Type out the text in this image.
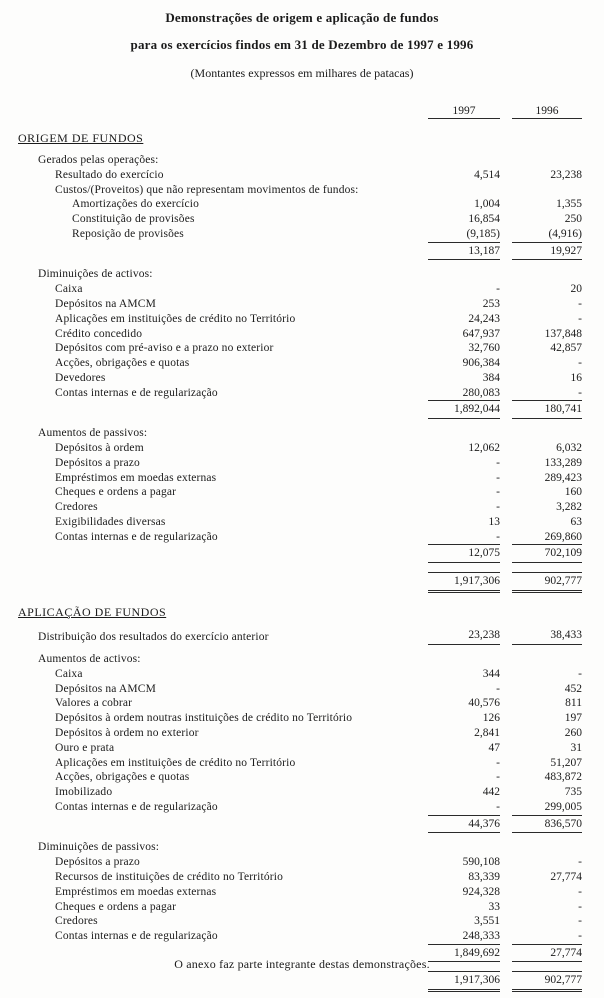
Demonstrações de origem e aplicação de fundos
para os exercícios findos em 31 de Dezembro de 1997 e 1996
(Montantes expressos em milhares de patacas)
1997	1996
ORIGEM DE FUNDOS
Gerados pelas operações:
Resultado do exercício	4,514	23,238
Custos/(Proveitos) que não representam movimentos de fundos:
Amortizações do exercício	1,004	1,355
Constituição de provisões	16,854	250
Reposição de provisões	(9,185)	(4,916)
13,187	19,927
Diminuições de activos:
Caixa	-	20
Depósitos na AMCM	253	-
Aplicações em instituições de crédito no Território	24,243	-
Crédito concedido	647,937	137,848
Depósitos com pré-aviso e a prazo no exterior	32,760	42,857
Acções, obrigações e quotas	906,384	-
Devedores	384	16
Contas internas e de regularização	280,083	-
1,892,044	180,741
Aumentos de passivos:
Depósitos à ordem	12,062	6,032
Depósitos a prazo	-	133,289
Empréstimos em moedas externas	-	289,423
Cheques e ordens a pagar	-	160
Credores	-	3,282
Exigibilidades diversas	13	63
Contas internas e de regularização	-	269,860
12,075	702,109
1,917,306	902,777
APLICAÇÃO DE FUNDOS
Distribuição dos resultados do exercício anterior	23,238	38,433
Aumentos de activos:
Caixa	344	-
Depósitos na AMCM	-	452
Valores a cobrar	40,576	811
Depósitos à ordem noutras instituições de crédito no Território	126	197
Depósitos à ordem no exterior	2,841	260
Ouro e prata	47	31
Aplicações em instituições de crédito no Território	-	51,207
Acções, obrigações e quotas	-	483,872
Imobilizado	442	735
Contas internas e de regularização	-	299,005
44,376	836,570
Diminuições de passivos:
Depósitos a prazo	590,108	-
Recursos de instituições de crédito no Território	83,339	27,774
Empréstimos em moedas externas	924,328	-
Cheques e ordens a pagar	33	-
Credores	3,551	-
Contas internas e de regularização	248,333	-
1,849,692	27,774
1,917,306	902,777
O anexo faz parte integrante destas demonstrações.
